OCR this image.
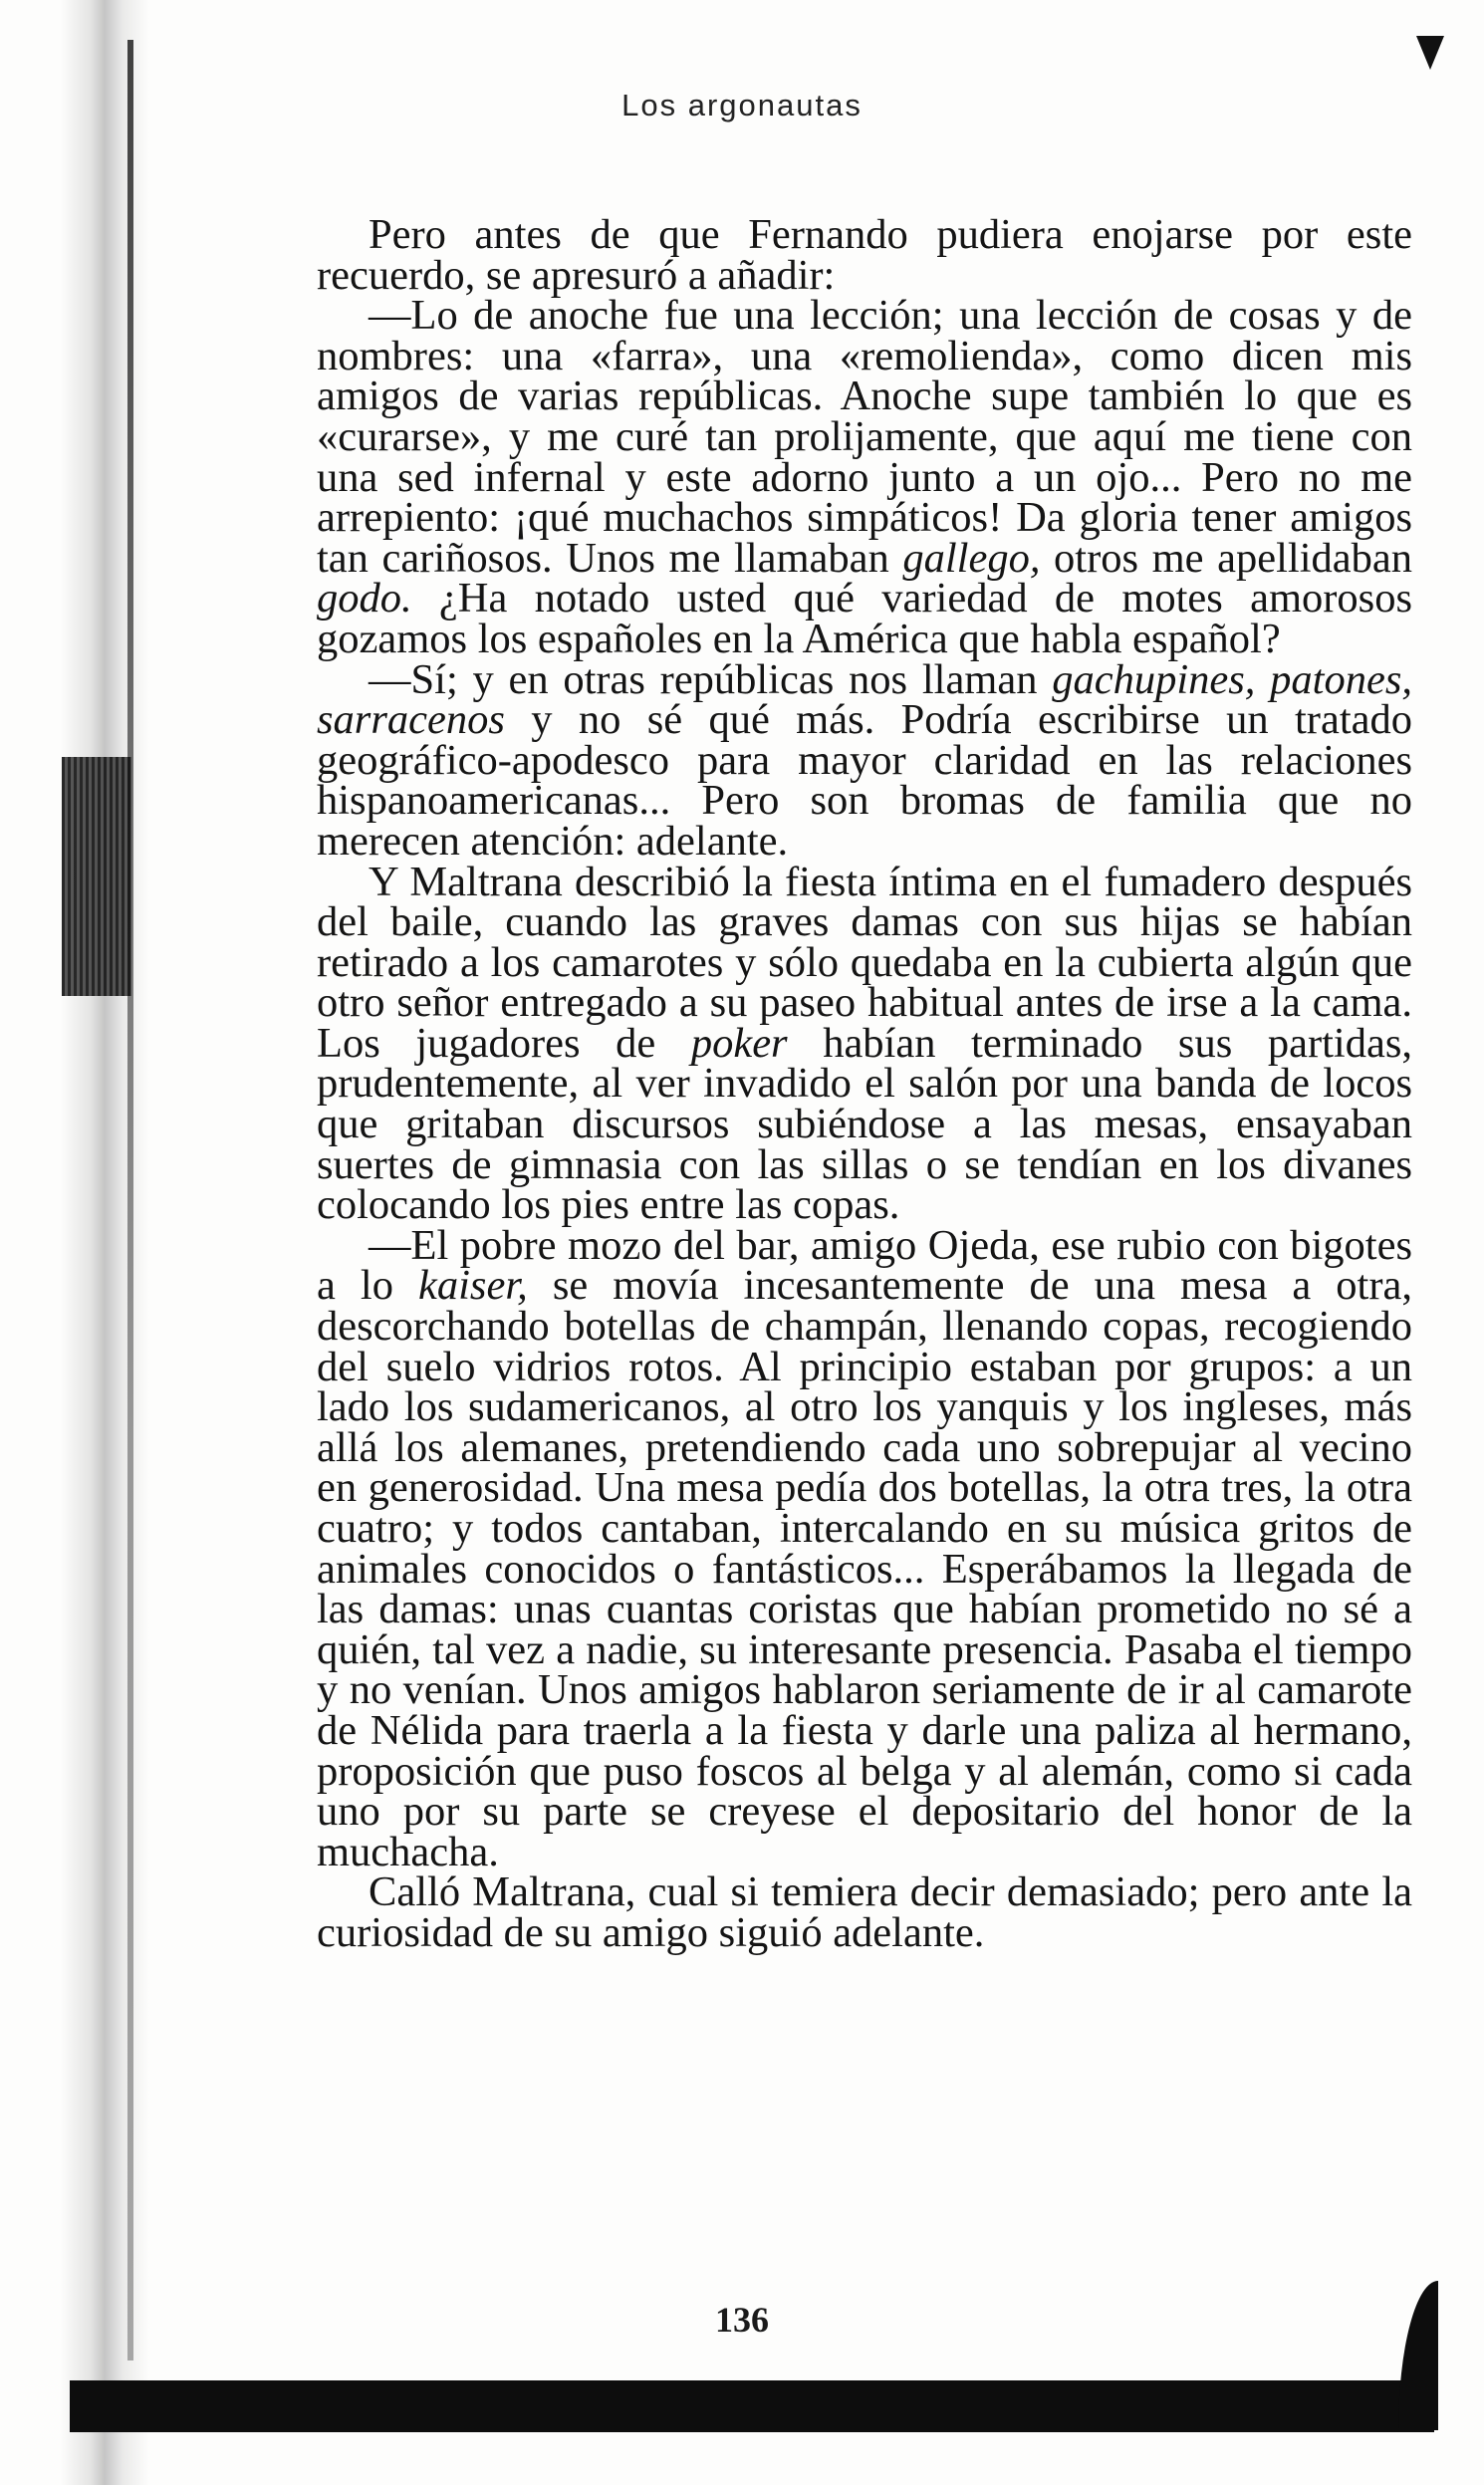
Los argonautas

Pero antes de que Fernando pudiera enojarse por este recuerdo, se apresuró a añadir:

—Lo de anoche fue una lección; una lección de cosas y de nombres: una «farra», una «remolienda», como dicen mis amigos de varias repúblicas. Anoche supe también lo que es «curarse», y me curé tan prolijamente, que aquí me tiene con una sed infernal y este adorno junto a un ojo... Pero no me arrepiento: ¡qué muchachos simpáticos! Da gloria tener amigos tan cariñosos. Unos me llamaban gallego, otros me apellidaban godo. ¿Ha notado usted qué variedad de motes amorosos gozamos los españoles en la América que habla español?

—Sí; y en otras repúblicas nos llaman gachupines, patones, sarracenos y no sé qué más. Podría escribirse un tratado geográfico-apodesco para mayor claridad en las relaciones hispanoamericanas... Pero son bromas de familia que no merecen atención: adelante.

Y Maltrana describió la fiesta íntima en el fumadero después del baile, cuando las graves damas con sus hijas se habían retirado a los camarotes y sólo quedaba en la cubierta algún que otro señor entregado a su paseo habitual antes de irse a la cama. Los jugadores de poker habían terminado sus partidas, prudentemente, al ver invadido el salón por una banda de locos que gritaban discursos subiéndose a las mesas, ensayaban suertes de gimnasia con las sillas o se tendían en los divanes colocando los pies entre las copas.

—El pobre mozo del bar, amigo Ojeda, ese rubio con bigotes a lo kaiser, se movía incesantemente de una mesa a otra, descorchando botellas de champán, llenando copas, recogiendo del suelo vidrios rotos. Al principio estaban por grupos: a un lado los sudamericanos, al otro los yanquis y los ingleses, más allá los alemanes, pretendiendo cada uno sobrepujar al vecino en generosidad. Una mesa pedía dos botellas, la otra tres, la otra cuatro; y todos cantaban, intercalando en su música gritos de animales conocidos o fantásticos... Esperábamos la llegada de las damas: unas cuantas coristas que habían prometido no sé a quién, tal vez a nadie, su interesante presencia. Pasaba el tiempo y no venían. Unos amigos hablaron seriamente de ir al camarote de Nélida para traerla a la fiesta y darle una paliza al hermano, proposición que puso foscos al belga y al alemán, como si cada uno por su parte se creyese el depositario del honor de la muchacha.

Calló Maltrana, cual si temiera decir demasiado; pero ante la curiosidad de su amigo siguió adelante.

136
